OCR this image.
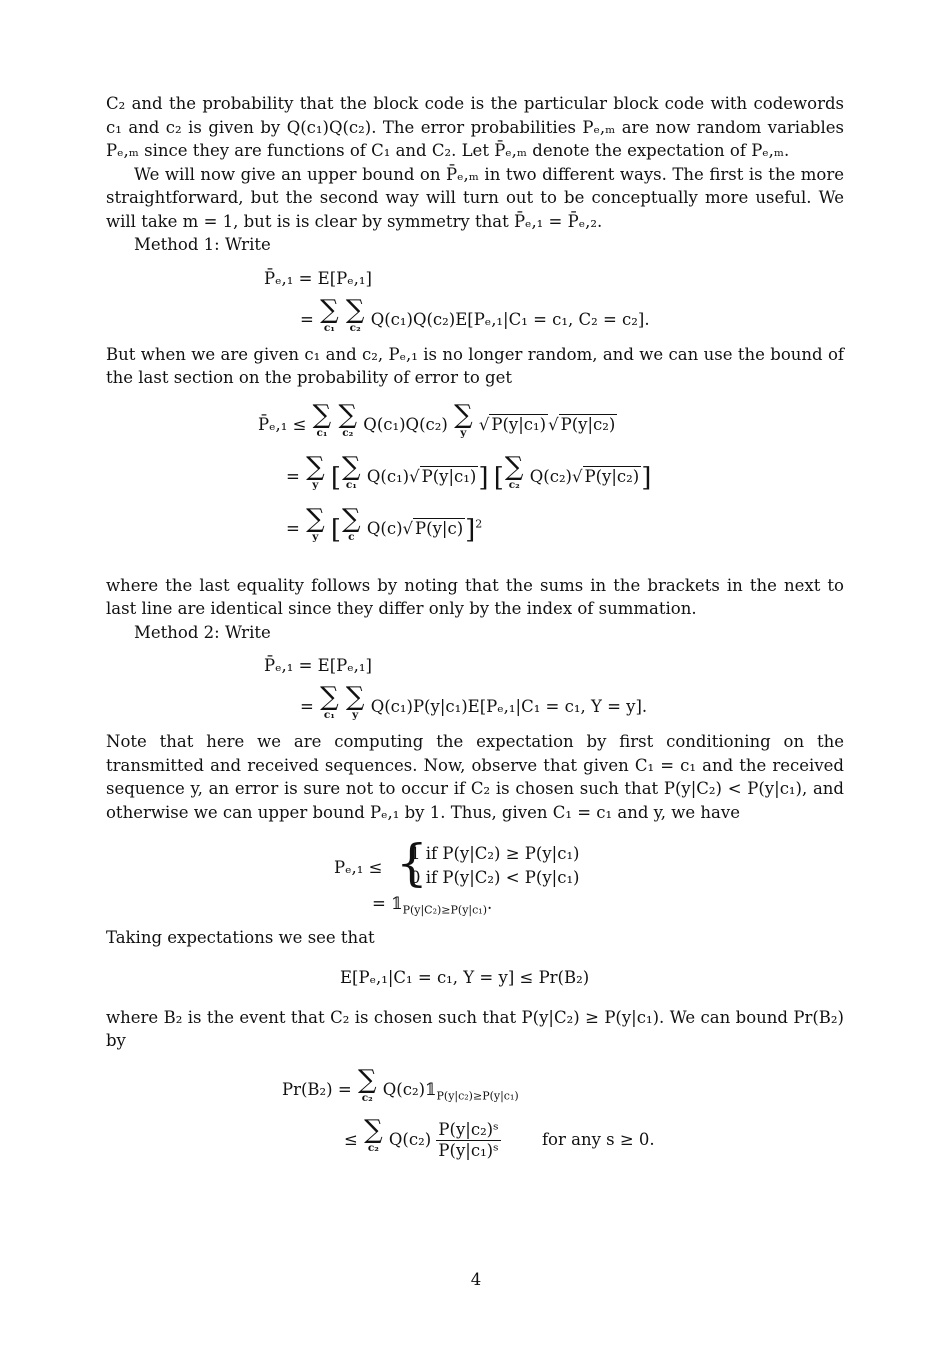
C₂ and the probability that the block code is the particular block code with codewords c₁ and c₂ is given by Q(c₁)Q(c₂). The error probabilities Pₑ,ₘ are now random variables Pₑ,ₘ since they are functions of C₁ and C₂. Let P̄ₑ,ₘ denote the expectation of Pₑ,ₘ.

We will now give an upper bound on P̄ₑ,ₘ in two different ways. The first is the more straightforward, but the second way will turn out to be conceptually more useful. We will take m = 1, but is is clear by symmetry that P̄ₑ,₁ = P̄ₑ,₂.

Method 1: Write

P̄ₑ,₁ = E[Pₑ,₁]
= ∑
c₁

∑
c₂ Q(c₁)Q(c₂)E[Pₑ,₁|C₁ = c₁, C₂ = c₂].

But when we are given c₁ and c₂, Pₑ,₁ is no longer random, and we can use the bound of the last section on the probability of error to get

P̄ₑ,₁ ≤ ∑
c₁

∑
c₂ Q(c₁)Q(c₂) ∑
y √ P(y|c₁) √ P(y|c₂)
= ∑
y [ ∑
c₁ Q(c₁)√ P(y|c₁)] [ ∑
c₂ Q(c₂)√ P(y|c₂)]
= ∑
y [ ∑
c Q(c)√ P(y|c)]$^2$

where the last equality follows by noting that the sums in the brackets in the next to last line are identical since they differ only by the index of summation.

Method 2: Write

P̄ₑ,₁ = E[Pₑ,₁]
= ∑
c₁

∑
y Q(c₁)P(y|c₁)E[Pₑ,₁|C₁ = c₁, Y = y].

Note that here we are computing the expectation by first conditioning on the transmitted and received sequences. Now, observe that given C₁ = c₁ and the received sequence y, an error is sure not to occur if C₂ is chosen such that P(y|C₂) < P(y|c₁), and otherwise we can upper bound Pₑ,₁ by 1. Thus, given C₁ = c₁ and y, we have

Pₑ,₁ ≤ {
1 if P(y|C₂) ≥ P(y|c₁)
0 if P(y|C₂) < P(y|c₁)
= $𝟙_{P(y|C_2)\ge P(y|c_1)}$.

Taking expectations we see that

E[Pₑ,₁|C₁ = c₁, Y = y] ≤ Pr(B₂)

where B₂ is the event that C₂ is chosen such that P(y|C₂) ≥ P(y|c₁). We can bound Pr(B₂) by

Pr(B₂) = ∑
c₂ $Q(c_2)𝟙_{P(y|c_2)\ge P(y|c_1)}$
≤ ∑
c₂ $Q(c_2) \frac{\text{P(y|c₂)ˢ}}{\text{P(y|c₁)ˢ}}$	for any s ≥ 0.
4
